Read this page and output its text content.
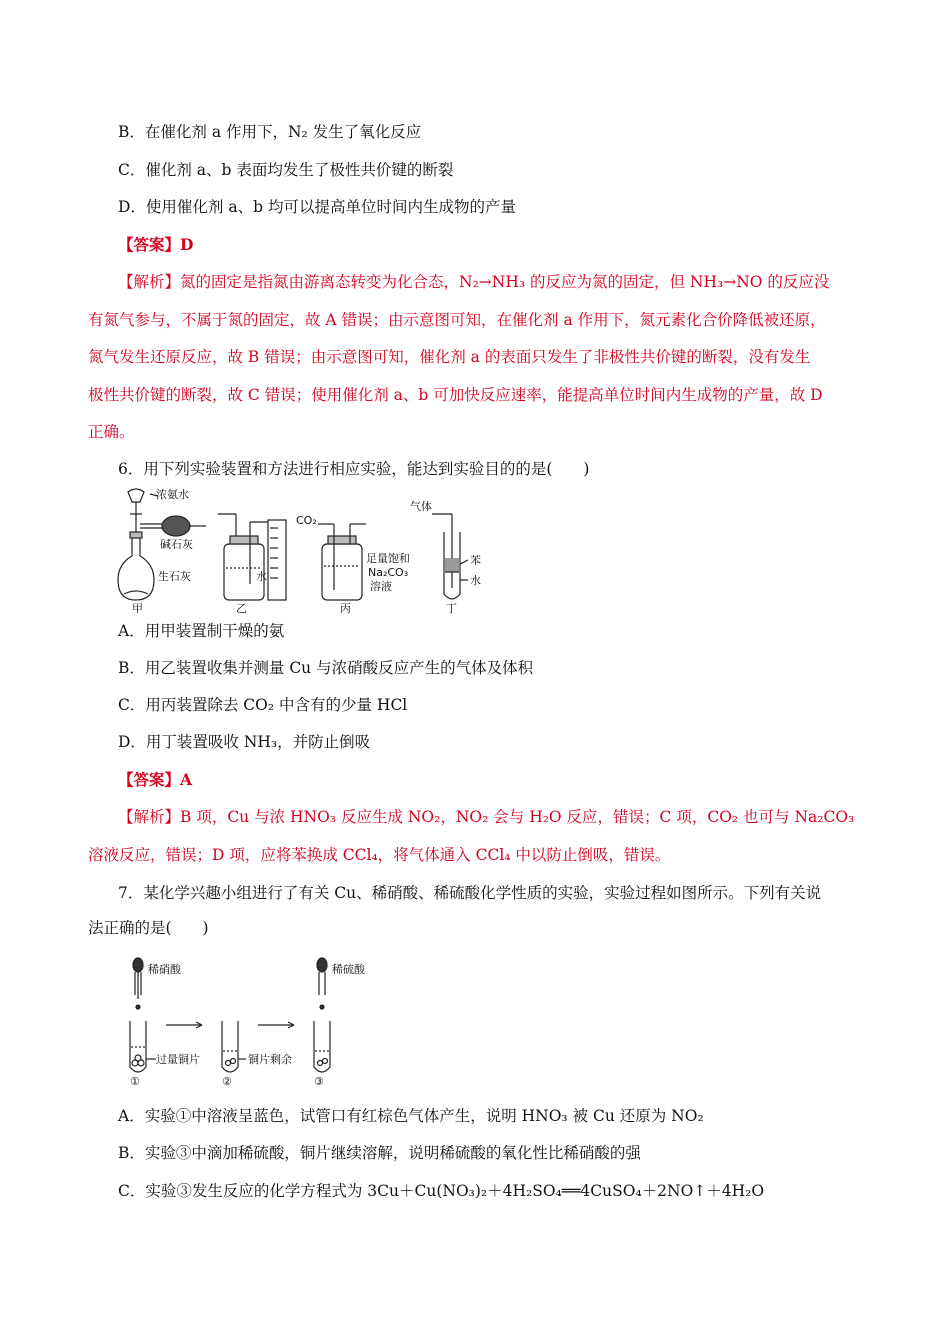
B．在催化剂 a 作用下，N₂ 发生了氧化反应
C．催化剂 a、b 表面均发生了极性共价键的断裂
D．使用催化剂 a、b 均可以提高单位时间内生成物的产量
【答案】D
【解析】氮的固定是指氮由游离态转变为化合态，N₂→NH₃ 的反应为氮的固定，但 NH₃→NO 的反应没
有氮气参与，不属于氮的固定，故 A 错误；由示意图可知，在催化剂 a 作用下，氮元素化合价降低被还原，
氮气发生还原反应，故 B 错误；由示意图可知，催化剂 a 的表面只发生了非极性共价键的断裂，没有发生
极性共价键的断裂，故 C 错误；使用催化剂 a、b 可加快反应速率，能提高单位时间内生成物的产量，故 D
正确。
6．用下列实验装置和方法进行相应实验，能达到实验目的的是(　　)
浓氨水
碱石灰
生石灰
甲
水
乙
CO₂
足量饱和
Na₂CO₃
溶液
丙
气体
苯
水
丁
A．用甲装置制干燥的氨
B．用乙装置收集并测量 Cu 与浓硝酸反应产生的气体及体积
C．用丙装置除去 CO₂ 中含有的少量 HCl
D．用丁装置吸收 NH₃，并防止倒吸
【答案】A
【解析】B 项，Cu 与浓 HNO₃ 反应生成 NO₂，NO₂ 会与 H₂O 反应，错误；C 项，CO₂ 也可与 Na₂CO₃
溶液反应，错误；D 项，应将苯换成 CCl₄，将气体通入 CCl₄ 中以防止倒吸，错误。
7．某化学兴趣小组进行了有关 Cu、稀硝酸、稀硫酸化学性质的实验，实验过程如图所示。下列有关说
法正确的是(　　)
稀硝酸	稀硫酸
过量铜片	铜片剩余
①	②	③
A．实验①中溶液呈蓝色，试管口有红棕色气体产生，说明 HNO₃ 被 Cu 还原为 NO₂
B．实验③中滴加稀硫酸，铜片继续溶解，说明稀硫酸的氧化性比稀硝酸的强
C．实验③发生反应的化学方程式为 3Cu＋Cu(NO₃)₂＋4H₂SO₄══4CuSO₄＋2NO↑＋4H₂O
